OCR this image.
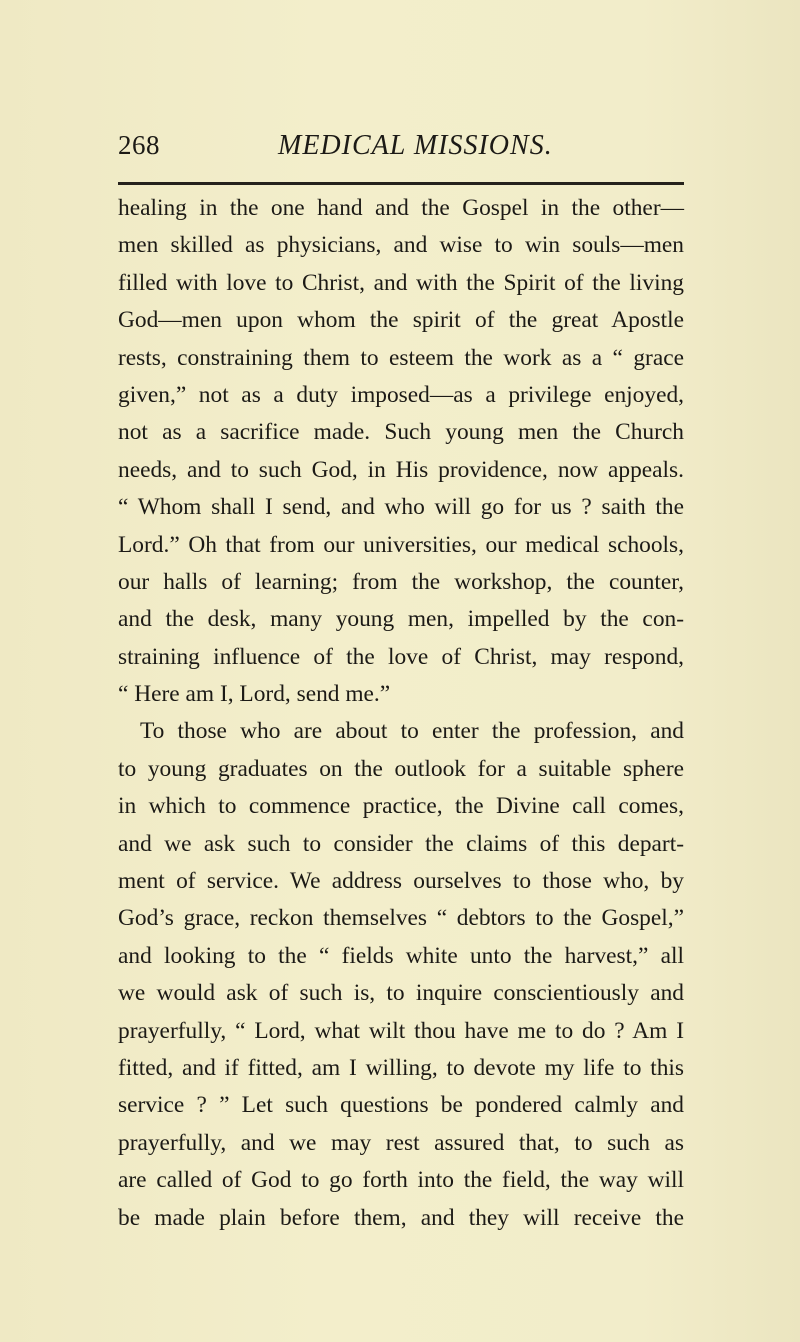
268	MEDICAL MISSIONS.
healing in the one hand and the Gospel in the other—
men skilled as physicians, and wise to win souls—men
filled with love to Christ, and with the Spirit of the living
God—men upon whom the spirit of the great Apostle
rests, constraining them to esteem the work as a “ grace
given,” not as a duty imposed—as a privilege enjoyed,
not as a sacrifice made. Such young men the Church
needs, and to such God, in His providence, now appeals.
“ Whom shall I send, and who will go for us ? saith the
Lord.” Oh that from our universities, our medical schools,
our halls of learning; from the workshop, the counter,
and the desk, many young men, impelled by the con-
straining influence of the love of Christ, may respond,
“ Here am I, Lord, send me.”
To those who are about to enter the profession, and
to young graduates on the outlook for a suitable sphere
in which to commence practice, the Divine call comes,
and we ask such to consider the claims of this depart-
ment of service. We address ourselves to those who, by
God’s grace, reckon themselves “ debtors to the Gospel,”
and looking to the “ fields white unto the harvest,” all
we would ask of such is, to inquire conscientiously and
prayerfully, “ Lord, what wilt thou have me to do ? Am I
fitted, and if fitted, am I willing, to devote my life to this
service ? ” Let such questions be pondered calmly and
prayerfully, and we may rest assured that, to such as
are called of God to go forth into the field, the way will
be made plain before them, and they will receive the
